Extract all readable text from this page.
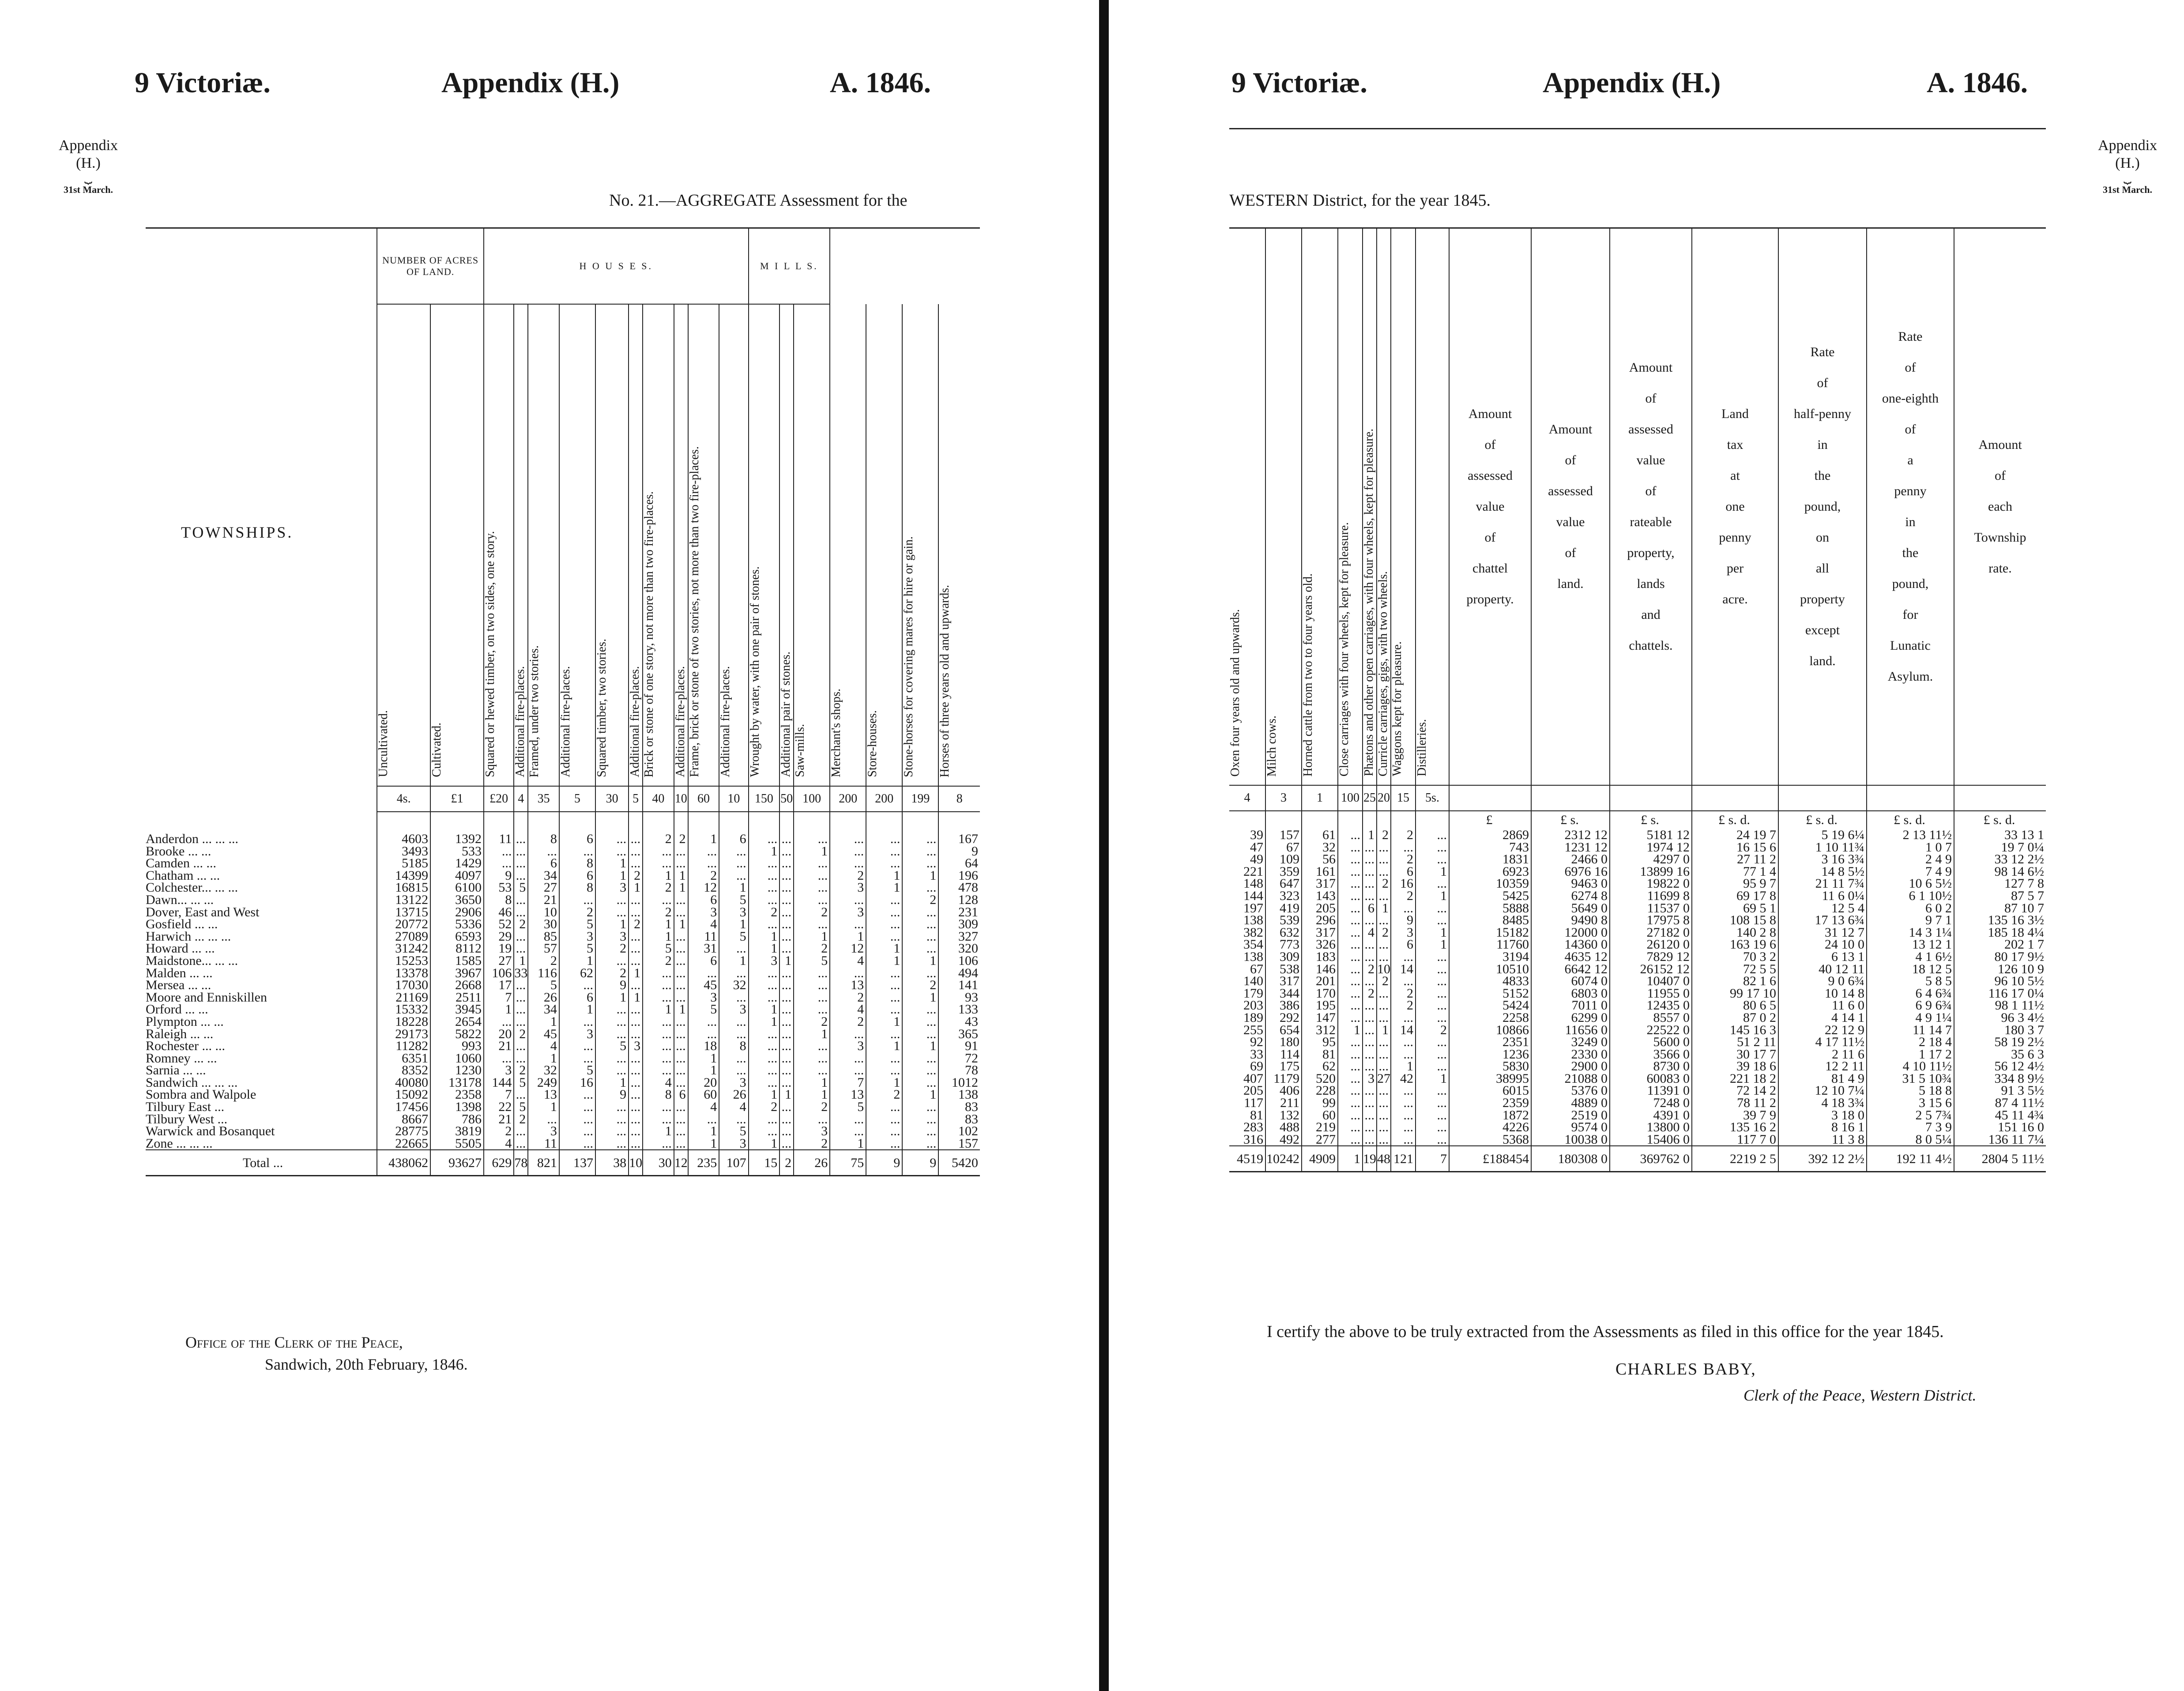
9 Victoriæ.	Appendix (H.)	A. 1846.
Appendix
(H.)
⏟
31st March.
No. 21.—AGGREGATE Assessment for the
TOWNSHIPS.
	NUMBER OF ACRES OF LAND.		H O U S E S.										M I L L S.						
	Uncultivated.	Cultivated.	Squared or hewed timber, on two sides, one story.	Additional fire-places.	Framed, under two stories.	Additional fire-places.	Squared timber, two stories.	Additional fire-places.	Brick or stone of one story, not more than two fire-places.	Additional fire-places.	Frame, brick or stone of two stories, not more than two fire-places.	Additional fire-places.	Wrought by water, with one pair of stones.	Additional pair of stones.	Saw-mills.	Merchant's shops.	Store-houses.	Stone-horses for covering mares for hire or gain.	Horses of three years old and upwards.
	4s.	£1	£20	4	35	5	30	5	40	10	60	10	150	50	100	200	200	199	8

Anderdon ... ... ...	4603	1392	11	...	8	6	...	...	2	2	1	6	...	...	...	...	...	...	167
Brooke ... ...	3493	533	...	...	...	...	...	...	...	...	...	...	1	...	1	...	...	...	9
Camden ... ...	5185	1429	...	...	6	8	1	...	...	...	...	...	...	...	...	...	...	...	64
Chatham ... ...	14399	4097	9	...	34	6	1	2	1	1	2	...	...	...	...	2	1	1	196
Colchester... ... ...	16815	6100	53	5	27	8	3	1	2	1	12	1	...	...	...	3	1	...	478
Dawn... ... ...	13122	3650	8	...	21	...	...	...	...	...	6	5	...	...	...	...	...	2	128
Dover, East and West	13715	2906	46	...	10	2	...	...	2	...	3	3	2	...	2	3	...	...	231
Gosfield ... ...	20772	5336	52	2	30	5	1	2	1	1	4	1	...	...	...	...	...	...	309
Harwich ... ... ...	27089	6593	29	...	85	3	3	...	1	...	11	5	1	...	1	1	...	...	327
Howard ... ...	31242	8112	19	...	57	5	2	...	5	...	31	...	1	...	2	12	1	...	320
Maidstone... ... ...	15253	1585	27	1	2	1	...	...	2	...	6	1	3	1	5	4	1	1	106
Malden ... ...	13378	3967	106	33	116	62	2	1	...	...	...	...	...	...	...	...	...	...	494
Mersea ... ...	17030	2668	17	...	5	...	9	...	...	...	45	32	...	...	...	13	...	2	141
Moore and Enniskillen	21169	2511	7	...	26	6	1	1	...	...	3	...	...	...	...	2	...	1	93
Orford ... ...	15332	3945	1	...	34	1	...	...	1	1	5	3	1	...	...	4	...	...	133
Plympton ... ...	18228	2654	...	...	1	...	...	...	...	...	...	...	1	...	2	2	1	...	43
Raleigh ... ...	29173	5822	20	2	45	3	...	...	...	...	...	...	...	...	1	...	...	...	365
Rochester ... ...	11282	993	21	...	4	...	5	3	...	...	18	8	...	...	...	3	1	1	91
Romney ... ...	6351	1060	...	...	1	...	...	...	...	...	1	...	...	...	...	...	...	...	72
Sarnia ... ...	8352	1230	3	2	32	5	...	...	...	...	1	...	...	...	...	...	...	...	78
Sandwich ... ... ...	40080	13178	144	5	249	16	1	...	4	...	20	3	...	...	1	7	1	...	1012
Sombra and Walpole	15092	2358	7	...	13	...	9	...	8	6	60	26	1	1	1	13	2	1	138
Tilbury East ...	17456	1398	22	5	1	...	...	...	...	...	4	4	2	...	2	5	...	...	83
Tilbury West ...	8667	786	21	2	...	...	...	...	...	...	...	...	...	...	...	...	...	...	83
Warwick and Bosanquet	28775	3819	2	...	3	...	...	...	1	...	1	5	...	...	3	...	...	...	102
Zone ... ... ...	22665	5505	4	...	11	...	...	...	...	...	1	3	1	...	2	1	...	...	157
Total ...	438062	93627	629	78	821	137	38	10	30	12	235	107	15	2	26	75	9	9	5420
Office of the Clerk of the Peace,
Sandwich, 20th February, 1846.
9 Victoriæ.	Appendix (H.)	A. 1846.
Appendix
(H.)
⏟
31st March.
WESTERN District, for the year 1845.
Oxen four years old and upwards.	Milch cows.	Horned cattle from two to four years old.	Close carriages with four wheels, kept for pleasure.	Phætons and other open carriages, with four wheels, kept for pleasure.	Curricle carriages, gigs, with two wheels.	Waggons kept for pleasure.	Distilleries.	Amount of assessed value of chattel property.	Amount of assessed value of land.	Amount of assessed value of rateable property, lands and chattels.	Land tax at one penny per acre.	Rate of half-penny in the pound, on all property except land.	Rate of one-eighth of a penny in the pound, for Lunatic Asylum.	Amount of each Township rate.
4	3	1	100	25	20	15	5s.							
								£	£ s.	£ s.	£ s. d.	£ s. d.	£ s. d.	£ s. d.
39	157	61	...	1	2	2	...	2869	2312 12	5181 12	24 19 7	5 19 6¼	2 13 11½	33 13 1
47	67	32	...	...	...	...	...	743	1231 12	1974 12	16 15 6	1 10 11¾	1 0 7	19 7 0¼
49	109	56	...	...	...	2	...	1831	2466 0	4297 0	27 11 2	3 16 3¾	2 4 9	33 12 2½
221	359	161	...	...	...	6	1	6923	6976 16	13899 16	77 1 4	14 8 5½	7 4 9	98 14 6½
148	647	317	...	...	2	16	...	10359	9463 0	19822 0	95 9 7	21 11 7¾	10 6 5½	127 7 8
144	323	143	...	...	...	2	1	5425	6274 8	11699 8	69 17 8	11 6 0¼	6 1 10½	87 5 7
197	419	205	...	6	1	...	...	5888	5649 0	11537 0	69 5 1	12 5 4	6 0 2	87 10 7
138	539	296	...	...	...	9	...	8485	9490 8	17975 8	108 15 8	17 13 6¾	9 7 1	135 16 3½
382	632	317	...	4	2	3	1	15182	12000 0	27182 0	140 2 8	31 12 7	14 3 1¼	185 18 4¼
354	773	326	...	...	...	6	1	11760	14360 0	26120 0	163 19 6	24 10 0	13 12 1	202 1 7
138	309	183	...	...	...	...	...	3194	4635 12	7829 12	70 3 2	6 13 1	4 1 6½	80 17 9½
67	538	146	...	2	10	14	...	10510	6642 12	26152 12	72 5 5	40 12 11	18 12 5	126 10 9
140	317	201	...	...	2	...	...	4833	6074 0	10407 0	82 1 6	9 0 6¾	5 8 5	96 10 5½
179	344	170	...	2	...	2	...	5152	6803 0	11955 0	99 17 10	10 14 8	6 4 6¾	116 17 0¼
203	386	195	...	...	...	2	...	5424	7011 0	12435 0	80 6 5	11 6 0	6 9 6¾	98 1 11½
189	292	147	...	...	...	...	...	2258	6299 0	8557 0	87 0 2	4 14 1	4 9 1¼	96 3 4½
255	654	312	1	...	1	14	2	10866	11656 0	22522 0	145 16 3	22 12 9	11 14 7	180 3 7
92	180	95	...	...	...	...	...	2351	3249 0	5600 0	51 2 11	4 17 11½	2 18 4	58 19 2½
33	114	81	...	...	...	...	...	1236	2330 0	3566 0	30 17 7	2 11 6	1 17 2	35 6 3
69	175	62	...	...	...	1	...	5830	2900 0	8730 0	39 18 6	12 2 11	4 10 11½	56 12 4½
407	1179	520	...	3	27	42	1	38995	21088 0	60083 0	221 18 2	81 4 9	31 5 10¾	334 8 9½
205	406	228	...	...	...	...	...	6015	5376 0	11391 0	72 14 2	12 10 7¼	5 18 8	91 3 5½
117	211	99	...	...	...	...	...	2359	4889 0	7248 0	78 11 2	4 18 3¾	3 15 6	87 4 11½
81	132	60	...	...	...	...	...	1872	2519 0	4391 0	39 7 9	3 18 0	2 5 7¾	45 11 4¾
283	488	219	...	...	...	...	...	4226	9574 0	13800 0	135 16 2	8 16 1	7 3 9	151 16 0
316	492	277	...	...	...	...	...	5368	10038 0	15406 0	117 7 0	11 3 8	8 0 5¼	136 11 7¼
4519	10242	4909	1	19	48	121	7	£188454	180308 0	369762 0	2219 2 5	392 12 2½	192 11 4½	2804 5 11½
I certify the above to be truly extracted from the Assessments as filed in this office for the year 1845.
CHARLES BABY,
Clerk of the Peace, Western District.
